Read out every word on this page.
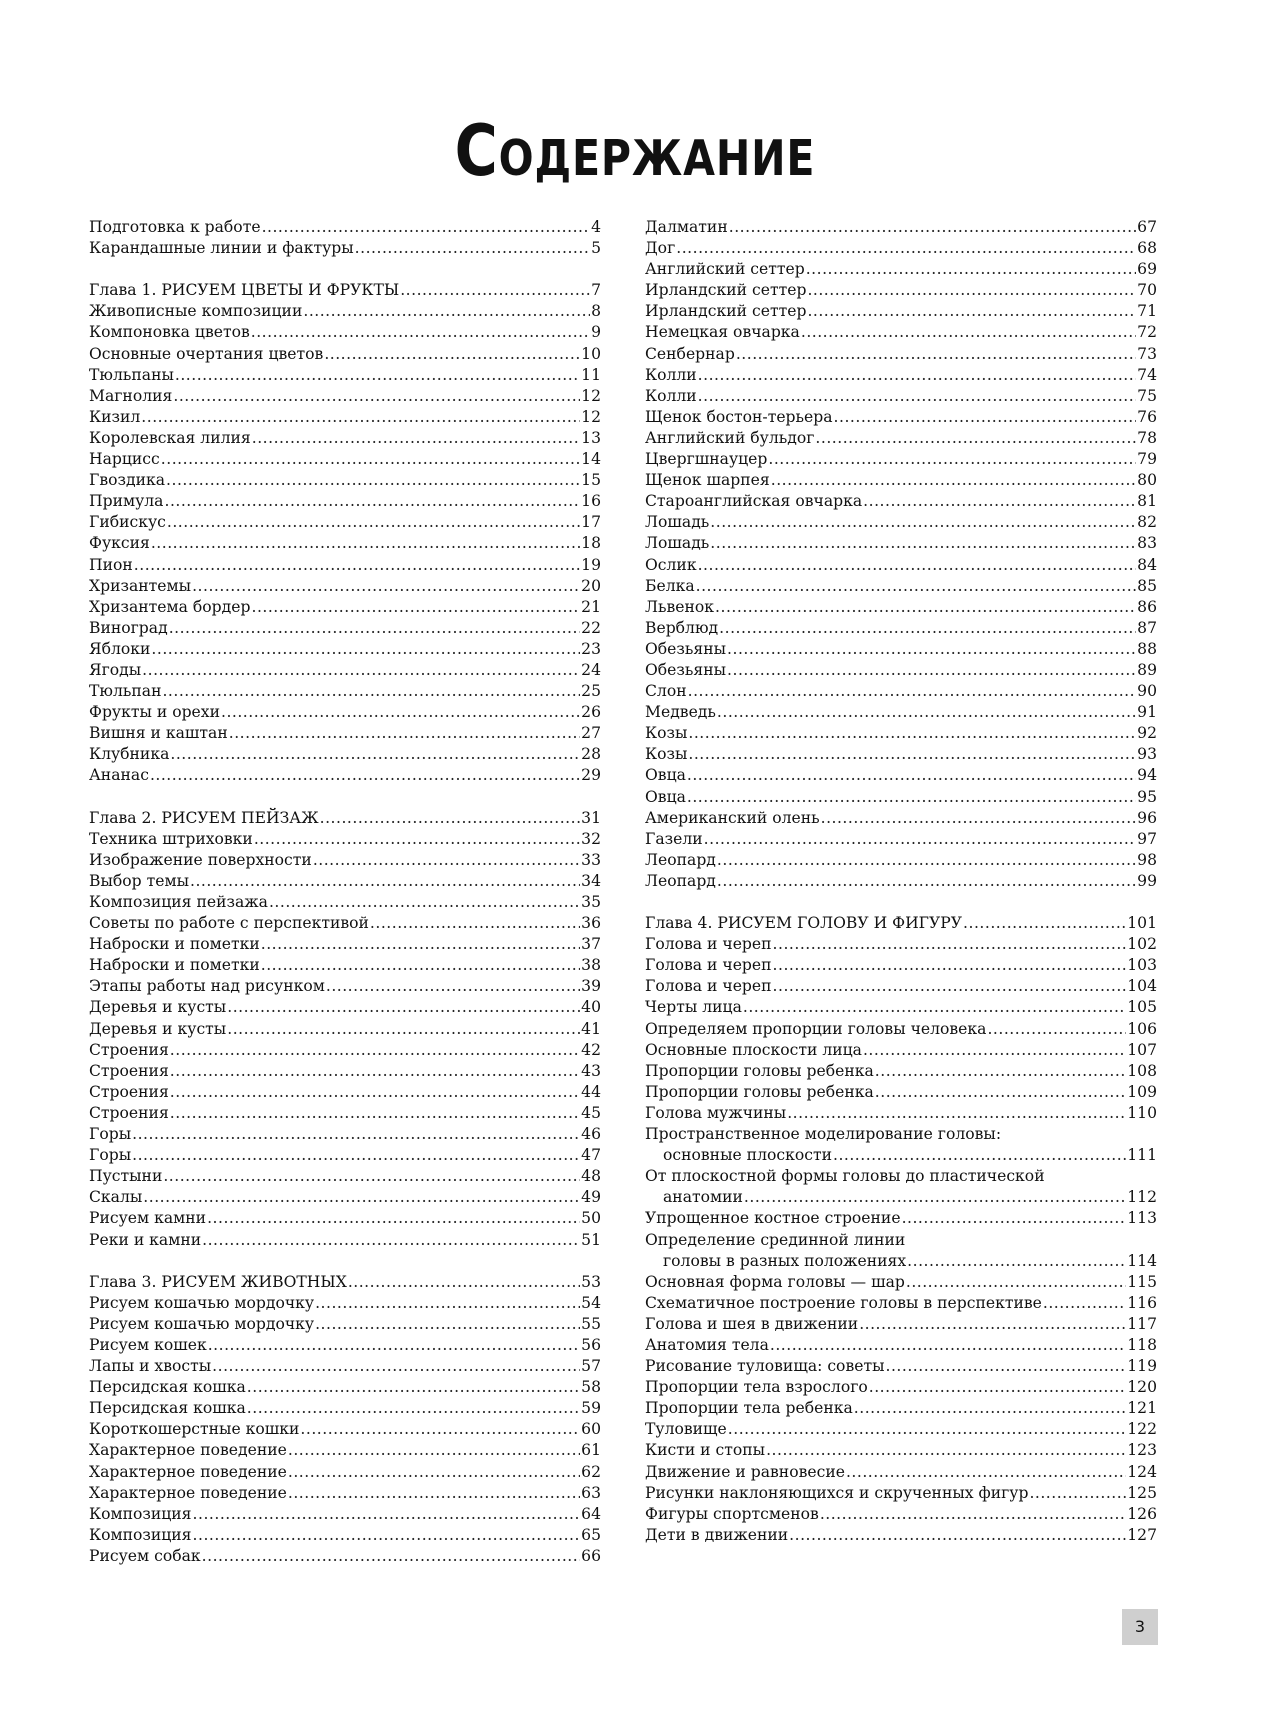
Содержание
Подготовка к работе .....	4
Карандашные линии и фактуры .....	5
Глава 1. РИСУЕМ ЦВЕТЫ И ФРУКТЫ .....	7
Живописные композиции .....	8
Компоновка цветов .....	9
Основные очертания цветов .....	10
Тюльпаны .....	11
Магнолия .....	12
Кизил .....	12
Королевская лилия .....	13
Нарцисс .....	14
Гвоздика .....	15
Примула .....	16
Гибискус .....	17
Фуксия .....	18
Пион .....	19
Хризантемы .....	20
Хризантема бордер .....	21
Виноград .....	22
Яблоки .....	23
Ягоды .....	24
Тюльпан .....	25
Фрукты и орехи .....	26
Вишня и каштан .....	27
Клубника .....	28
Ананас .....	29
Глава 2. РИСУЕМ ПЕЙЗАЖ .....	31
Техника штриховки .....	32
Изображение поверхности .....	33
Выбор темы .....	34
Композиция пейзажа .....	35
Советы по работе с перспективой .....	36
Наброски и пометки .....	37
Наброски и пометки .....	38
Этапы работы над рисунком .....	39
Деревья и кусты .....	40
Деревья и кусты .....	41
Строения .....	42
Строения .....	43
Строения .....	44
Строения .....	45
Горы .....	46
Горы .....	47
Пустыни .....	48
Скалы .....	49
Рисуем камни .....	50
Реки и камни .....	51
Глава 3. РИСУЕМ ЖИВОТНЫХ .....	53
Рисуем кошачью мордочку .....	54
Рисуем кошачью мордочку .....	55
Рисуем кошек .....	56
Лапы и хвосты .....	57
Персидская кошка .....	58
Персидская кошка .....	59
Короткошерстные кошки .....	60
Характерное поведение .....	61
Характерное поведение .....	62
Характерное поведение .....	63
Композиция .....	64
Композиция .....	65
Рисуем собак .....	66
Далматин .....	67
Дог .....	68
Английский сеттер .....	69
Ирландский сеттер .....	70
Ирландский сеттер .....	71
Немецкая овчарка .....	72
Сенбернар .....	73
Колли .....	74
Колли .....	75
Щенок бостон-терьера .....	76
Английский бульдог .....	78
Цвергшнауцер .....	79
Щенок шарпея .....	80
Староанглийская овчарка .....	81
Лошадь .....	82
Лошадь .....	83
Ослик .....	84
Белка .....	85
Львенок .....	86
Верблюд .....	87
Обезьяны .....	88
Обезьяны .....	89
Слон .....	90
Медведь .....	91
Козы .....	92
Козы .....	93
Овца .....	94
Овца .....	95
Американский олень .....	96
Газели .....	97
Леопард .....	98
Леопард .....	99
Глава 4. РИСУЕМ ГОЛОВУ И ФИГУРУ .....	101
Голова и череп .....	102
Голова и череп .....	103
Голова и череп .....	104
Черты лица .....	105
Определяем пропорции головы человека .....	106
Основные плоскости лица .....	107
Пропорции головы ребенка .....	108
Пропорции головы ребенка .....	109
Голова мужчины .....	110
Пространственное моделирование головы:
основные плоскости .....	111
От плоскостной формы головы до пластической
анатомии .....	112
Упрощенное костное строение .....	113
Определение срединной линии
головы в разных положениях .....	114
Основная форма головы — шар .....	115
Схематичное построение головы в перспективе .....	116
Голова и шея в движении .....	117
Анатомия тела .....	118
Рисование туловища: советы .....	119
Пропорции тела взрослого .....	120
Пропорции тела ребенка .....	121
Туловище .....	122
Кисти и стопы .....	123
Движение и равновесие .....	124
Рисунки наклоняющихся и скрученных фигур .....	125
Фигуры спортсменов .....	126
Дети в движении .....	127
3
